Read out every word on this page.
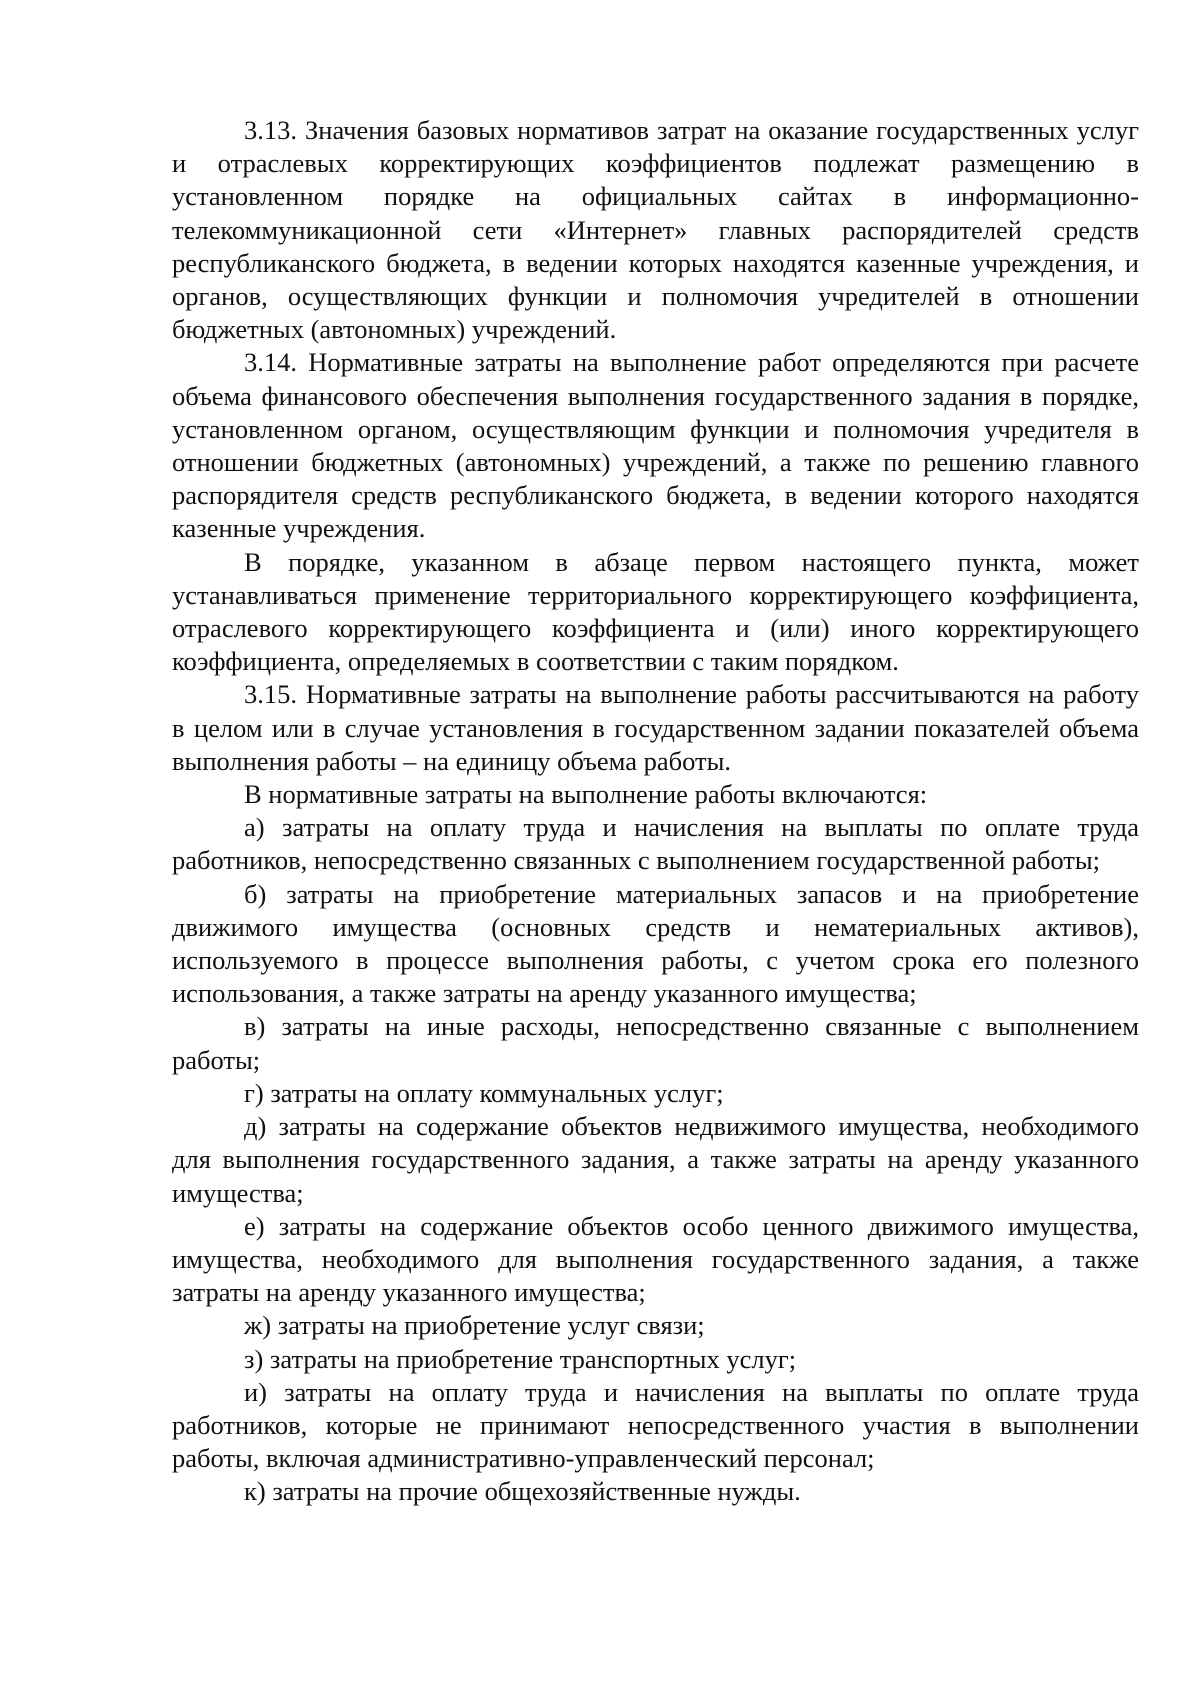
3.13. Значения базовых нормативов затрат на оказание государственных услуг и отраслевых корректирующих коэффициентов подлежат размещению в установленном порядке на официальных сайтах в информационно-телекоммуникационной сети «Интернет» главных распорядителей средств республиканского бюджета, в ведении которых находятся казенные учреждения, и органов, осуществляющих функции и полномочия учредителей в отношении бюджетных (автономных) учреждений.

3.14. Нормативные затраты на выполнение работ определяются при расчете объема финансового обеспечения выполнения государственного задания в порядке, установленном органом, осуществляющим функции и полномочия учредителя в отношении бюджетных (автономных) учреждений, а также по решению главного распорядителя средств республиканского бюджета, в ведении которого находятся казенные учреждения.

В порядке, указанном в абзаце первом настоящего пункта, может устанавливаться применение территориального корректирующего коэффициента, отраслевого корректирующего коэффициента и (или) иного корректирующего коэффициента, определяемых в соответствии с таким порядком.

3.15. Нормативные затраты на выполнение работы рассчитываются на работу в целом или в случае установления в государственном задании показателей объема выполнения работы – на единицу объема работы.

В нормативные затраты на выполнение работы включаются:

а) затраты на оплату труда и начисления на выплаты по оплате труда работников, непосредственно связанных с выполнением государственной работы;

б) затраты на приобретение материальных запасов и на приобретение движимого имущества (основных средств и нематериальных активов), используемого в процессе выполнения работы, с учетом срока его полезного использования, а также затраты на аренду указанного имущества;

в) затраты на иные расходы, непосредственно связанные с выполнением работы;

г) затраты на оплату коммунальных услуг;

д) затраты на содержание объектов недвижимого имущества, необходимого для выполнения государственного задания, а также затраты на аренду указанного имущества;

е) затраты на содержание объектов особо ценного движимого имущества, имущества, необходимого для выполнения государственного задания, а также затраты на аренду указанного имущества;

ж) затраты на приобретение услуг связи;

з) затраты на приобретение транспортных услуг;

и) затраты на оплату труда и начисления на выплаты по оплате труда работников, которые не принимают непосредственного участия в выполнении работы, включая административно-управленческий персонал;

к) затраты на прочие общехозяйственные нужды.
